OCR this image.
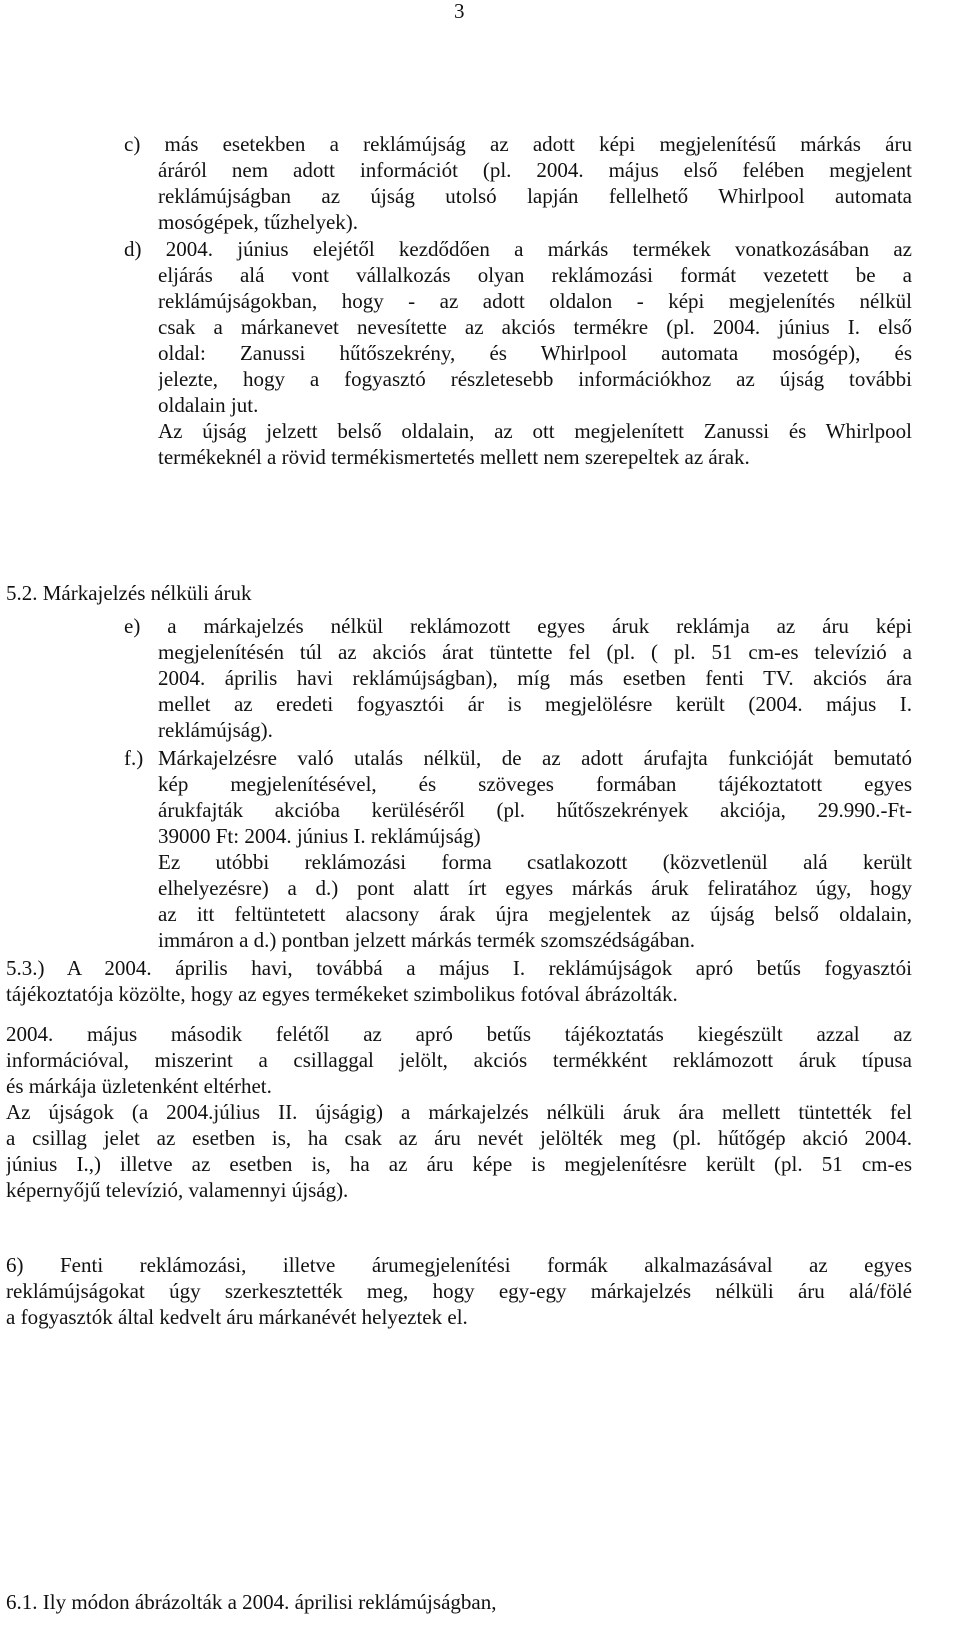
3
c) más esetekben a reklámújság az adott képi megjelenítésű márkás áru
áráról nem adott információt (pl. 2004. május első felében megjelent
reklámújságban az újság utolsó lapján fellelhető Whirlpool automata
mosógépek, tűzhelyek).
d) 2004. június elejétől kezdődően a márkás termékek vonatkozásában az
eljárás alá vont vállalkozás olyan reklámozási formát vezetett be a
reklámújságokban, hogy - az adott oldalon - képi megjelenítés nélkül
csak a márkanevet nevesítette az akciós termékre (pl. 2004. június I. első
oldal: Zanussi hűtőszekrény, és Whirlpool automata mosógép), és
jelezte, hogy a fogyasztó részletesebb információkhoz az újság további
oldalain jut.
Az újság jelzett belső oldalain, az ott megjelenített Zanussi és Whirlpool
termékeknél a rövid termékismertetés mellett nem szerepeltek az árak.
5.2. Márkajelzés nélküli áruk
e) a márkajelzés nélkül reklámozott egyes áruk reklámja az áru képi
megjelenítésén túl az akciós árat tüntette fel (pl. ( pl. 51 cm-es televízió a
2004. április havi reklámújságban), míg más esetben fenti TV. akciós ára
mellet az eredeti fogyasztói ár is megjelölésre került (2004. május I.
reklámújság).
f.) Márkajelzésre való utalás nélkül, de az adott árufajta funkcióját bemutató
kép megjelenítésével, és szöveges formában tájékoztatott egyes
árukfajták akcióba kerüléséről (pl. hűtőszekrények akciója, 29.990.-Ft-
39000 Ft: 2004. június I. reklámújság)
Ez utóbbi reklámozási forma csatlakozott (közvetlenül alá került
elhelyezésre) a d.) pont alatt írt egyes márkás áruk feliratához úgy, hogy
az itt feltüntetett alacsony árak újra megjelentek az újság belső oldalain,
immáron a d.) pontban jelzett márkás termék szomszédságában.
5.3.) A 2004. április havi, továbbá a május I. reklámújságok apró betűs fogyasztói
tájékoztatója közölte, hogy az egyes termékeket szimbolikus fotóval ábrázolták.
2004. május második felétől az apró betűs tájékoztatás kiegészült azzal az
információval, miszerint a csillaggal jelölt, akciós termékként reklámozott áruk típusa
és márkája üzletenként eltérhet.
Az újságok (a 2004.július II. újságig) a márkajelzés nélküli áruk ára mellett tüntették fel
a csillag jelet az esetben is, ha csak az áru nevét jelölték meg (pl. hűtőgép akció 2004.
június I.,) illetve az esetben is, ha az áru képe is megjelenítésre került (pl. 51 cm-es
képernyőjű televízió, valamennyi újság).
6) Fenti reklámozási, illetve árumegjelenítési formák alkalmazásával az egyes
reklámújságokat úgy szerkesztették meg, hogy egy-egy márkajelzés nélküli áru alá/fölé
a fogyasztók által kedvelt áru márkanévét helyeztek el.
6.1. Ily módon ábrázolták a 2004. áprilisi reklámújságban,
